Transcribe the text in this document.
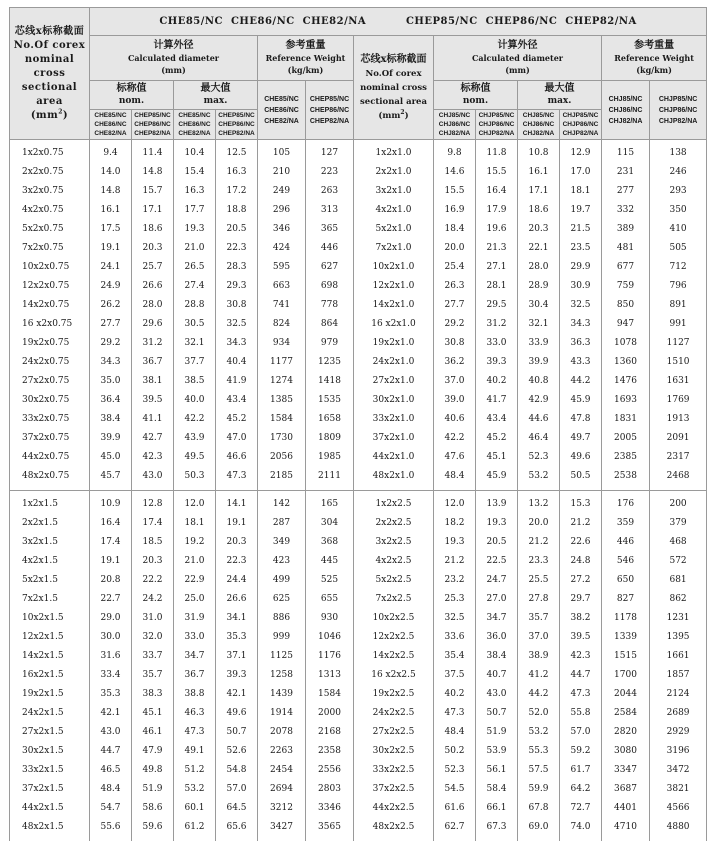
芯线x标称截面
No.Of corex
nominal cross
sectional area
$(mm^2)$	CHE85/NC  CHE86/NC  CHE82/NA          CHEP85/NC  CHEP86/NC  CHEP82/NA												

	计算外径
Calculated diameter
(mm)				参考重量
Reference Weight
(kg/km)		芯线x标称截面
No.Of corex
nominal cross
sectional area
$(mm^2)$	计算外径
Calculated diameter
(mm)				参考重量
Reference Weight
(kg/km)	

	标称值
nom.		最大值
max.		CHE85/NC
CHE86/NC
CHE82/NA	CHEP85/NC
CHEP86/NC
CHEP82/NA		标称值
nom.		最大值
max.		CHJ85/NC
CHJ86/NC
CHJ82/NA	CHJP85/NC
CHJP86/NC
CHJP82/NA
	CHE85/NC
CHE86/NC
CHE82/NA	CHEP85/NC
CHEP86/NC
CHEP82/NA	CHE85/NC
CHE86/NC
CHE82/NA	CHEP85/NC
CHEP86/NC
CHEP82/NA				CHJ85/NC
CHJ86/NC
CHJ82/NA	CHJP85/NC
CHJP86/NC
CHJP82/NA	CHJ85/NC
CHJ86/NC
CHJ82/NA	CHJP85/NC
CHJP86/NC
CHJP82/NA		
1x2x0.75	9.4	11.4	10.4	12.5	105	127	1x2x1.0	9.8	11.8	10.8	12.9	115	138
2x2x0.75	14.0	14.8	15.4	16.3	210	223	2x2x1.0	14.6	15.5	16.1	17.0	231	246
3x2x0.75	14.8	15.7	16.3	17.2	249	263	3x2x1.0	15.5	16.4	17.1	18.1	277	293
4x2x0.75	16.1	17.1	17.7	18.8	296	313	4x2x1.0	16.9	17.9	18.6	19.7	332	350
5x2x0.75	17.5	18.6	19.3	20.5	346	365	5x2x1.0	18.4	19.6	20.3	21.5	389	410
7x2x0.75	19.1	20.3	21.0	22.3	424	446	7x2x1.0	20.0	21.3	22.1	23.5	481	505
10x2x0.75	24.1	25.7	26.5	28.3	595	627	10x2x1.0	25.4	27.1	28.0	29.9	677	712
12x2x0.75	24.9	26.6	27.4	29.3	663	698	12x2x1.0	26.3	28.1	28.9	30.9	759	796
14x2x0.75	26.2	28.0	28.8	30.8	741	778	14x2x1.0	27.7	29.5	30.4	32.5	850	891
16 x2x0.75	27.7	29.6	30.5	32.5	824	864	16 x2x1.0	29.2	31.2	32.1	34.3	947	991
19x2x0.75	29.2	31.2	32.1	34.3	934	979	19x2x1.0	30.8	33.0	33.9	36.3	1078	1127
24x2x0.75	34.3	36.7	37.7	40.4	1177	1235	24x2x1.0	36.2	39.3	39.9	43.3	1360	1510
27x2x0.75	35.0	38.1	38.5	41.9	1274	1418	27x2x1.0	37.0	40.2	40.8	44.2	1476	1631
30x2x0.75	36.4	39.5	40.0	43.4	1385	1535	30x2x1.0	39.0	41.7	42.9	45.9	1693	1769
33x2x0.75	38.4	41.1	42.2	45.2	1584	1658	33x2x1.0	40.6	43.4	44.6	47.8	1831	1913
37x2x0.75	39.9	42.7	43.9	47.0	1730	1809	37x2x1.0	42.2	45.2	46.4	49.7	2005	2091
44x2x0.75	45.0	42.3	49.5	46.6	2056	1985	44x2x1.0	47.6	45.1	52.3	49.6	2385	2317
48x2x0.75	45.7	43.0	50.3	47.3	2185	2111	48x2x1.0	48.4	45.9	53.2	50.5	2538	2468
1x2x1.5	10.9	12.8	12.0	14.1	142	165	1x2x2.5	12.0	13.9	13.2	15.3	176	200
2x2x1.5	16.4	17.4	18.1	19.1	287	304	2x2x2.5	18.2	19.3	20.0	21.2	359	379
3x2x1.5	17.4	18.5	19.2	20.3	349	368	3x2x2.5	19.3	20.5	21.2	22.6	446	468
4x2x1.5	19.1	20.3	21.0	22.3	423	445	4x2x2.5	21.2	22.5	23.3	24.8	546	572
5x2x1.5	20.8	22.2	22.9	24.4	499	525	5x2x2.5	23.2	24.7	25.5	27.2	650	681
7x2x1.5	22.7	24.2	25.0	26.6	625	655	7x2x2.5	25.3	27.0	27.8	29.7	827	862
10x2x1.5	29.0	31.0	31.9	34.1	886	930	10x2x2.5	32.5	34.7	35.7	38.2	1178	1231
12x2x1.5	30.0	32.0	33.0	35.3	999	1046	12x2x2.5	33.6	36.0	37.0	39.5	1339	1395
14x2x1.5	31.6	33.7	34.7	37.1	1125	1176	14x2x2.5	35.4	38.4	38.9	42.3	1515	1661
16x2x1.5	33.4	35.7	36.7	39.3	1258	1313	16 x2x2.5	37.5	40.7	41.2	44.7	1700	1857
19x2x1.5	35.3	38.3	38.8	42.1	1439	1584	19x2x2.5	40.2	43.0	44.2	47.3	2044	2124
24x2x1.5	42.1	45.1	46.3	49.6	1914	2000	24x2x2.5	47.3	50.7	52.0	55.8	2584	2689
27x2x1.5	43.0	46.1	47.3	50.7	2078	2168	27x2x2.5	48.4	51.9	53.2	57.0	2820	2929
30x2x1.5	44.7	47.9	49.1	52.6	2263	2358	30x2x2.5	50.2	53.9	55.3	59.2	3080	3196
33x2x1.5	46.5	49.8	51.2	54.8	2454	2556	33x2x2.5	52.3	56.1	57.5	61.7	3347	3472
37x2x1.5	48.4	51.9	53.2	57.0	2694	2803	37x2x2.5	54.5	58.4	59.9	64.2	3687	3821
44x2x1.5	54.7	58.6	60.1	64.5	3212	3346	44x2x2.5	61.6	66.1	67.8	72.7	4401	4566
48x2x1.5	55.6	59.6	61.2	65.6	3427	3565	48x2x2.5	62.7	67.3	69.0	74.0	4710	4880
